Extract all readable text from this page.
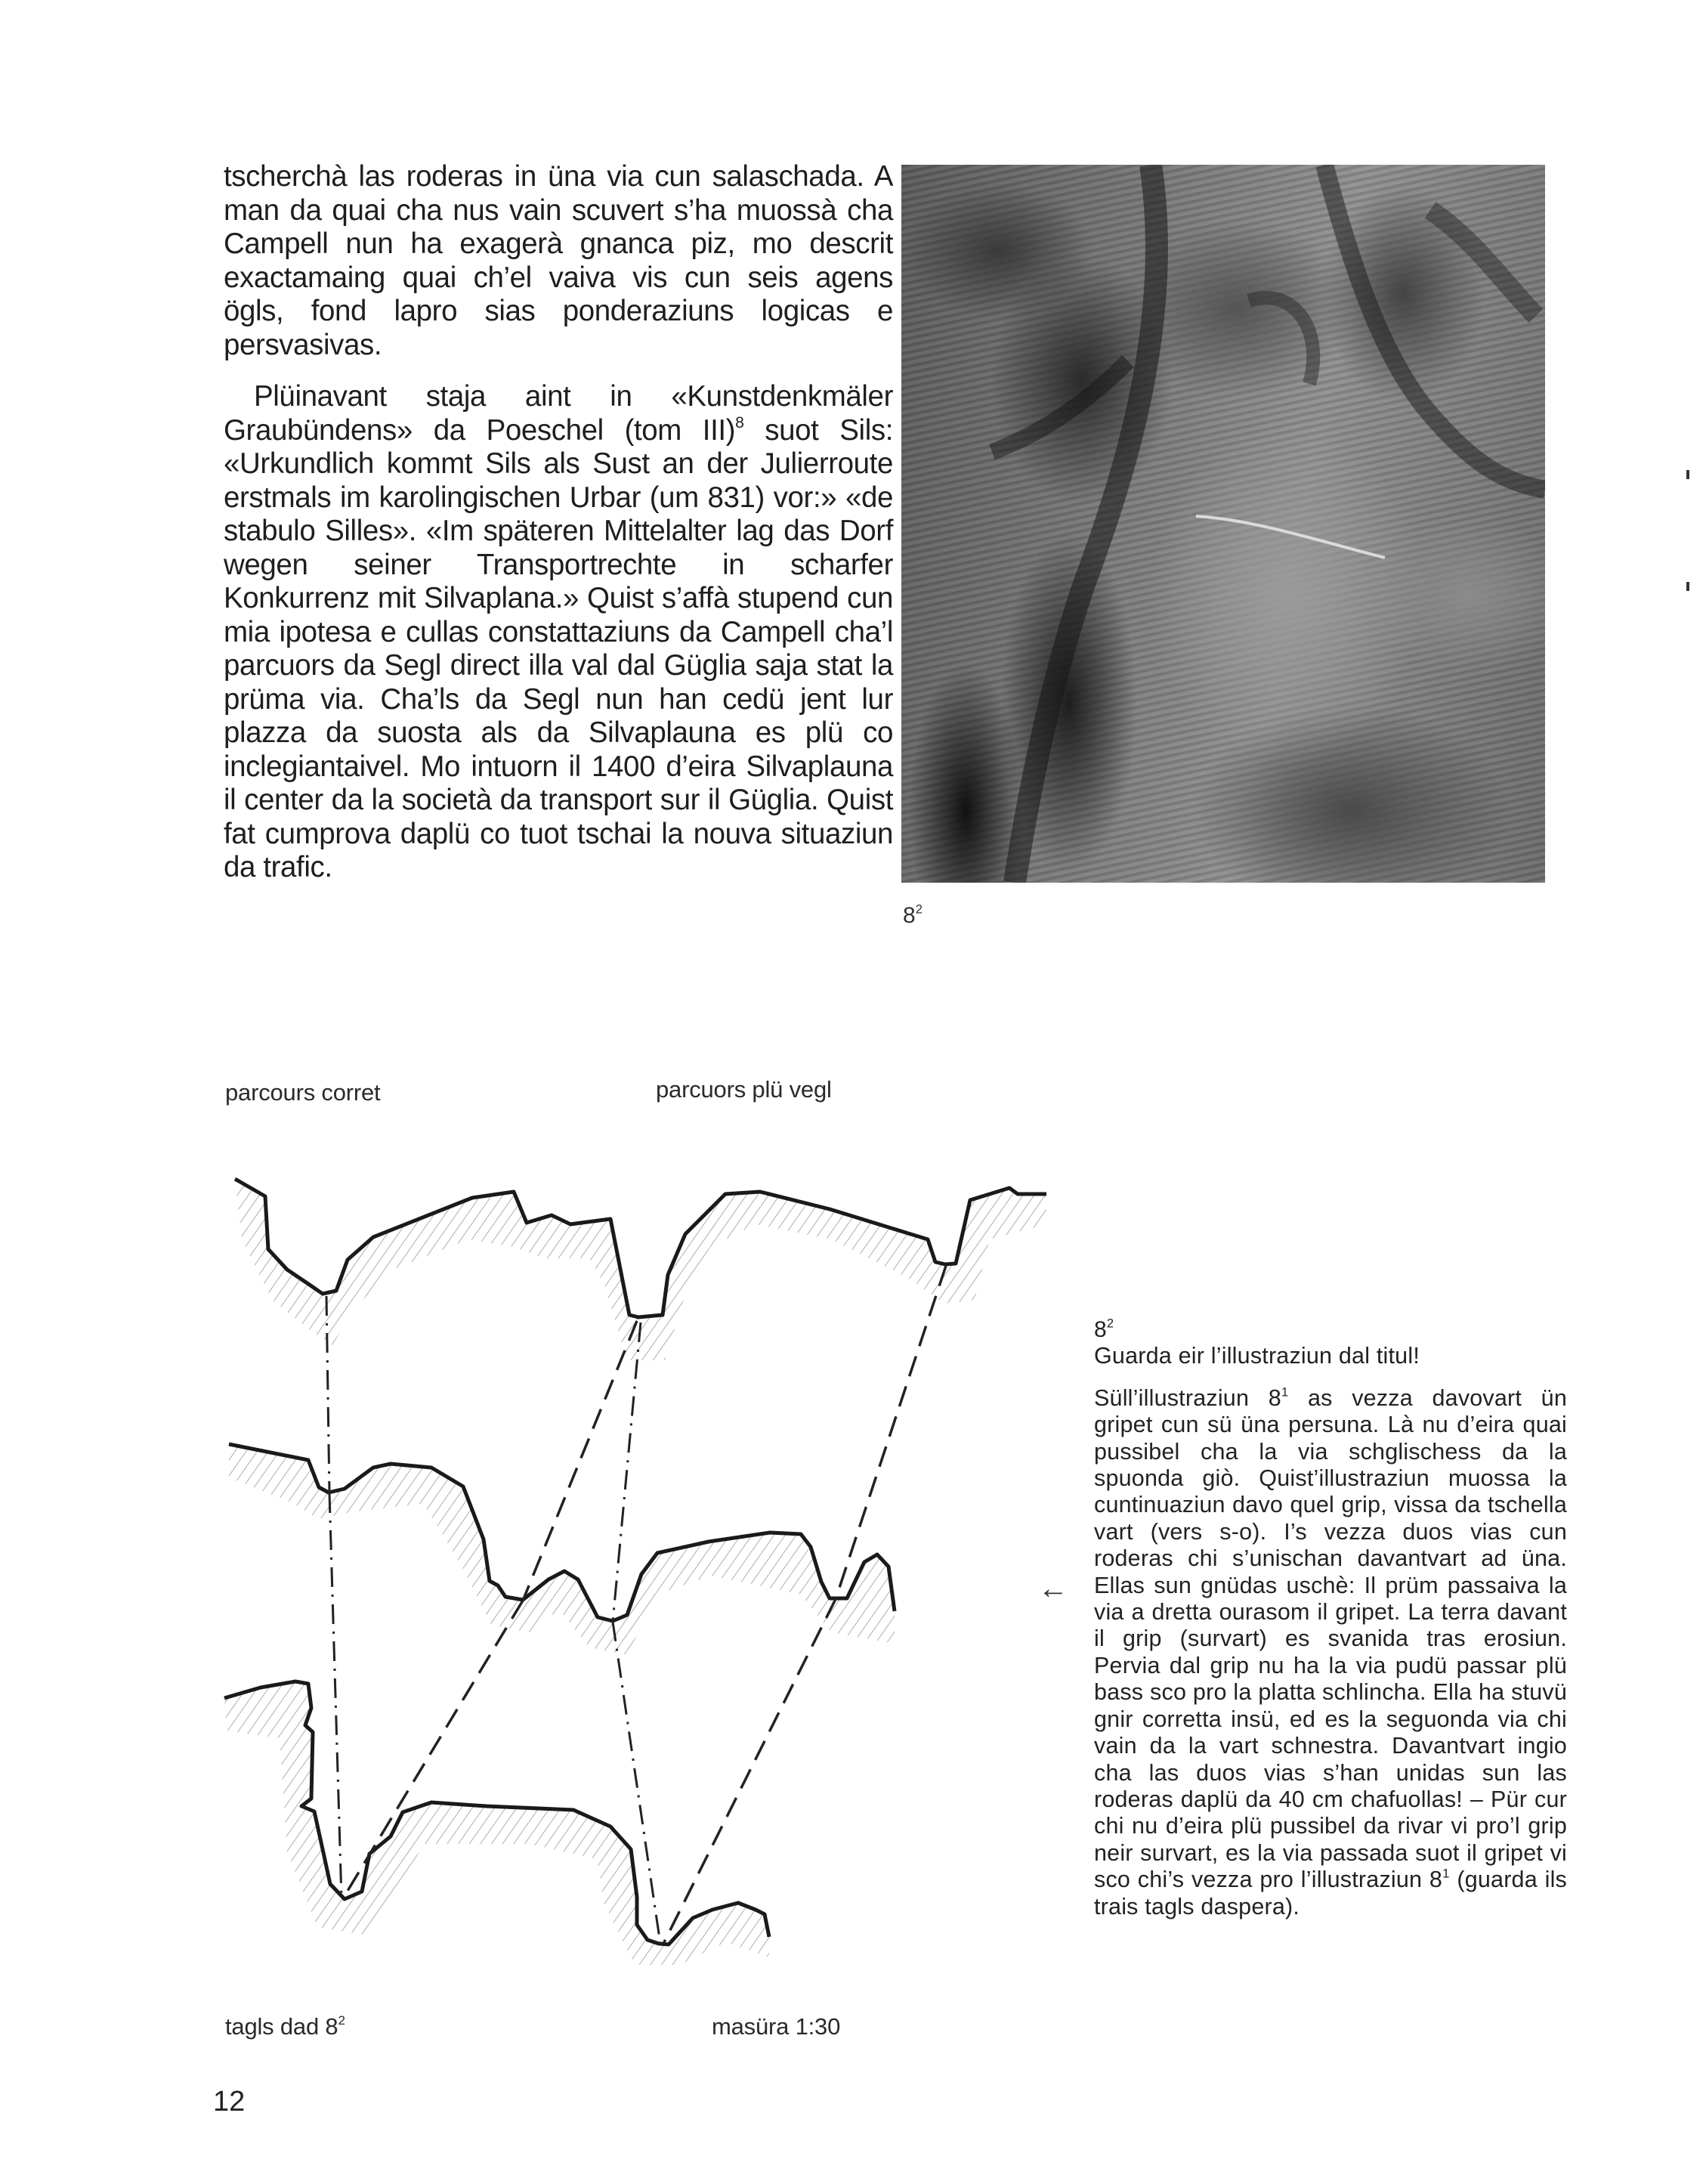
tscherchà las roderas in üna via cun salaschada. A man da quai cha nus vain scuvert s’ha muossà cha Campell nun ha exagerà gnanca piz, mo descrit exactamaing quai ch’el vaiva vis cun seis agens ögls, fond lapro sias ponderaziuns logicas e persvasivas.

Plüinavant staja aint in «Kunstdenkmäler Graubündens» da Poeschel (tom III)$^8$ suot Sils: «Urkundlich kommt Sils als Sust an der Julierroute erstmals im karolingischen Urbar (um 831) vor:» «de stabulo Silles». «Im späteren Mittelalter lag das Dorf wegen seiner Transportrechte in scharfer Konkurrenz mit Silvaplana.» Quist s’affà stupend cun mia ipotesa e cullas constattaziuns da Campell cha’l parcuors da Segl direct illa val dal Güglia saja stat la prüma via. Cha’ls da Segl nun han cedü jent lur plazza da suosta als da Silvaplauna es plü co inclegiantaivel. Mo intuorn il 1400 d’eira Silvaplauna il center da la società da transport sur il Güglia. Quist fat cumprova daplü co tuot tschai la nouva situaziun da trafic.

$8^2$
parcours corret	parcuors plü vegl
←
tagls dad $8^2$	masüra 1:30

$8^2$

Guarda eir l’illustraziun dal titul!

Süll’illustraziun $8^1$ as vezza davovart ün gripet cun sü üna persuna. Là nu d’eira quai pussibel cha la via schglischess da la spuonda giò. Quist’illustraziun muossa la cuntinuaziun davo quel grip, vissa da tschella vart (vers s-o). I’s vezza duos vias cun roderas chi s’unischan davantvart ad üna. Ellas sun gnüdas uschè: Il prüm passaiva la via a dretta ourasom il gripet. La terra davant il grip (survart) es svanida tras erosiun. Pervia dal grip nu ha la via pudü passar plü bass sco pro la platta schlincha. Ella ha stuvü gnir corretta insü, ed es la seguonda via chi vain da la vart schnestra. Davantvart ingio cha las duos vias s’han unidas sun las roderas daplü da 40 cm chafuollas! – Pür cur chi nu d’eira plü pussibel da rivar vi pro’l grip neir survart, es la via passada suot il gripet vi sco chi’s vezza pro l’illustraziun $8^1$ (guarda ils trais tagls daspera).

12
